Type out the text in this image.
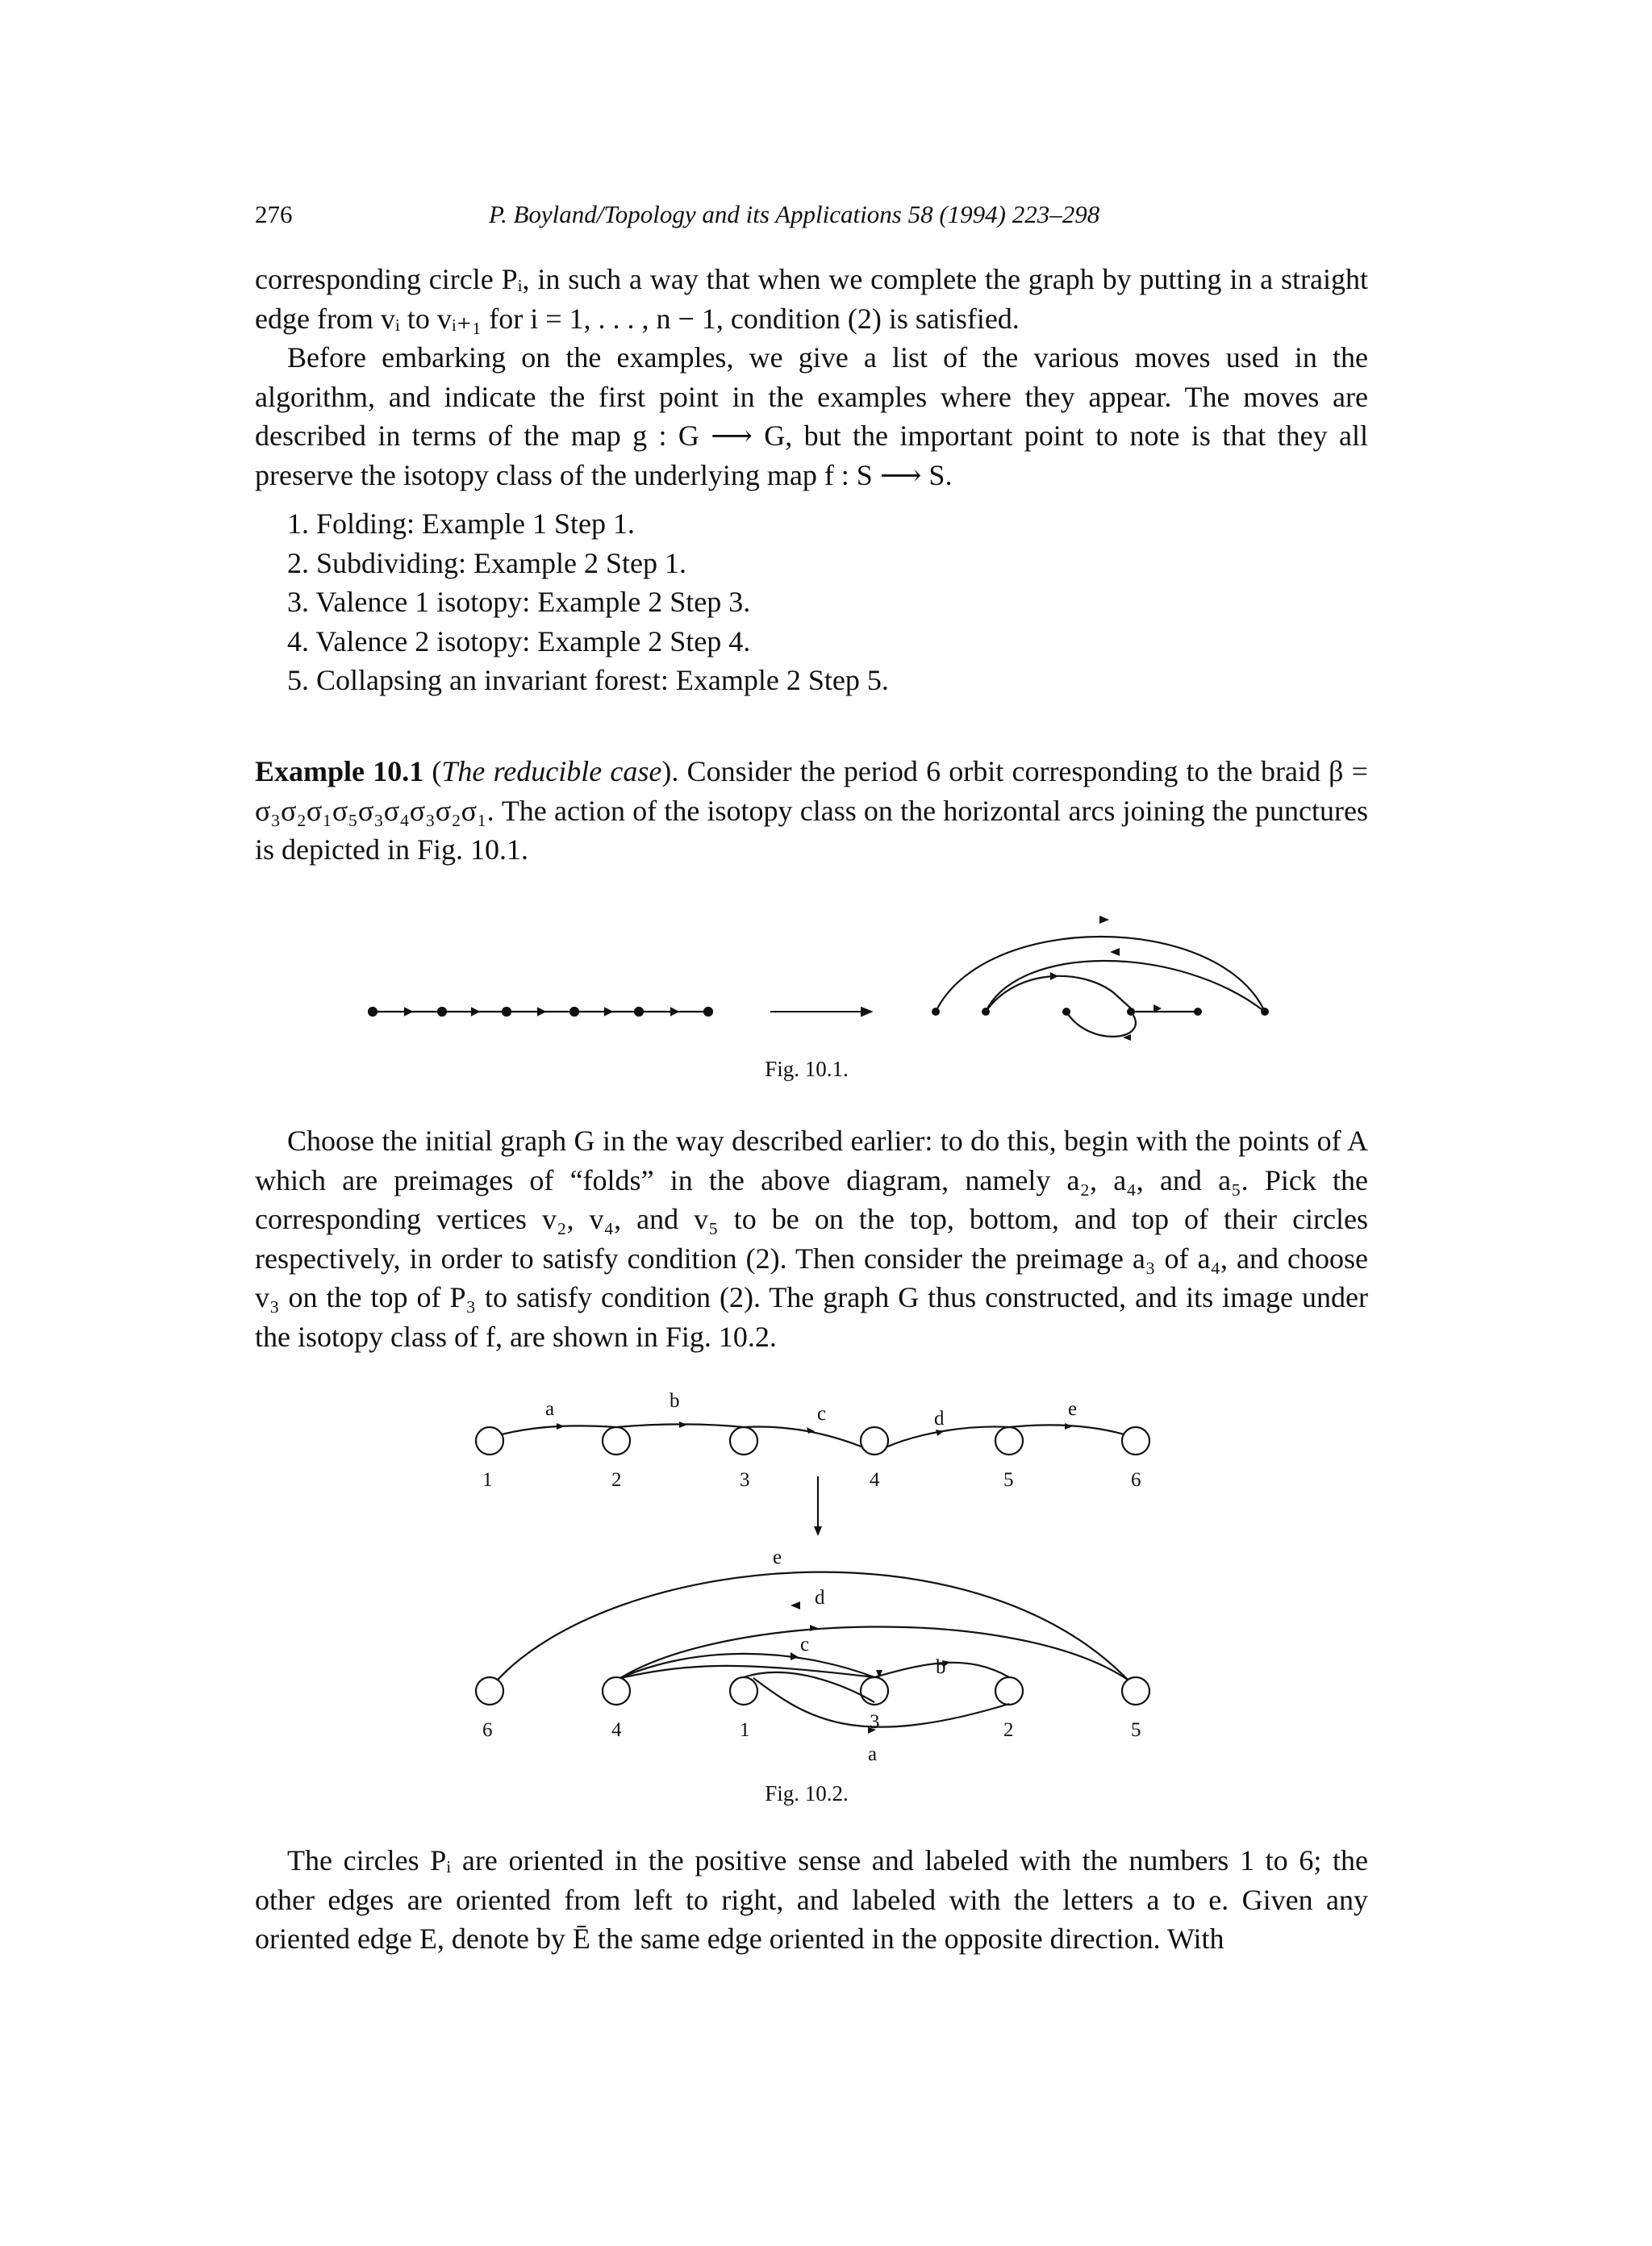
276	P. Boyland/Topology and its Applications 58 (1994) 223–298

corresponding circle Pᵢ, in such a way that when we complete the graph by putting in a straight edge from vᵢ to vᵢ₊₁ for i = 1, . . . , n − 1, condition (2) is satisfied.

Before embarking on the examples, we give a list of the various moves used in the algorithm, and indicate the first point in the examples where they appear. The moves are described in terms of the map g : G ⟶ G, but the important point to note is that they all preserve the isotopy class of the underlying map f : S ⟶ S.

1. Folding: Example 1 Step 1.
2. Subdividing: Example 2 Step 1.
3. Valence 1 isotopy: Example 2 Step 3.
4. Valence 2 isotopy: Example 2 Step 4.
5. Collapsing an invariant forest: Example 2 Step 5.

Example 10.1 (The reducible case). Consider the period 6 orbit corresponding to the braid β = σ₃σ₂σ₁σ₅σ₃σ₄σ₃σ₂σ₁. The action of the isotopy class on the horizontal arcs joining the punctures is depicted in Fig. 10.1.

Fig. 10.1.

Choose the initial graph G in the way described earlier: to do this, begin with the points of A which are preimages of “folds” in the above diagram, namely a₂, a₄, and a₅. Pick the corresponding vertices v₂, v₄, and v₅ to be on the top, bottom, and top of their circles respectively, in order to satisfy condition (2). Then consider the preimage a₃ of a₄, and choose v₃ on the top of P₃ to satisfy condition (2). The graph G thus constructed, and its image under the isotopy class of f, are shown in Fig. 10.2.

a	b
c	d	e
1	2	3	4	5	6
e
d
c
b
a
6	4	1	3	2	5
Fig. 10.2.

The circles Pᵢ are oriented in the positive sense and labeled with the numbers 1 to 6; the other edges are oriented from left to right, and labeled with the letters a to e. Given any oriented edge E, denote by Ē the same edge oriented in the opposite direction. With
